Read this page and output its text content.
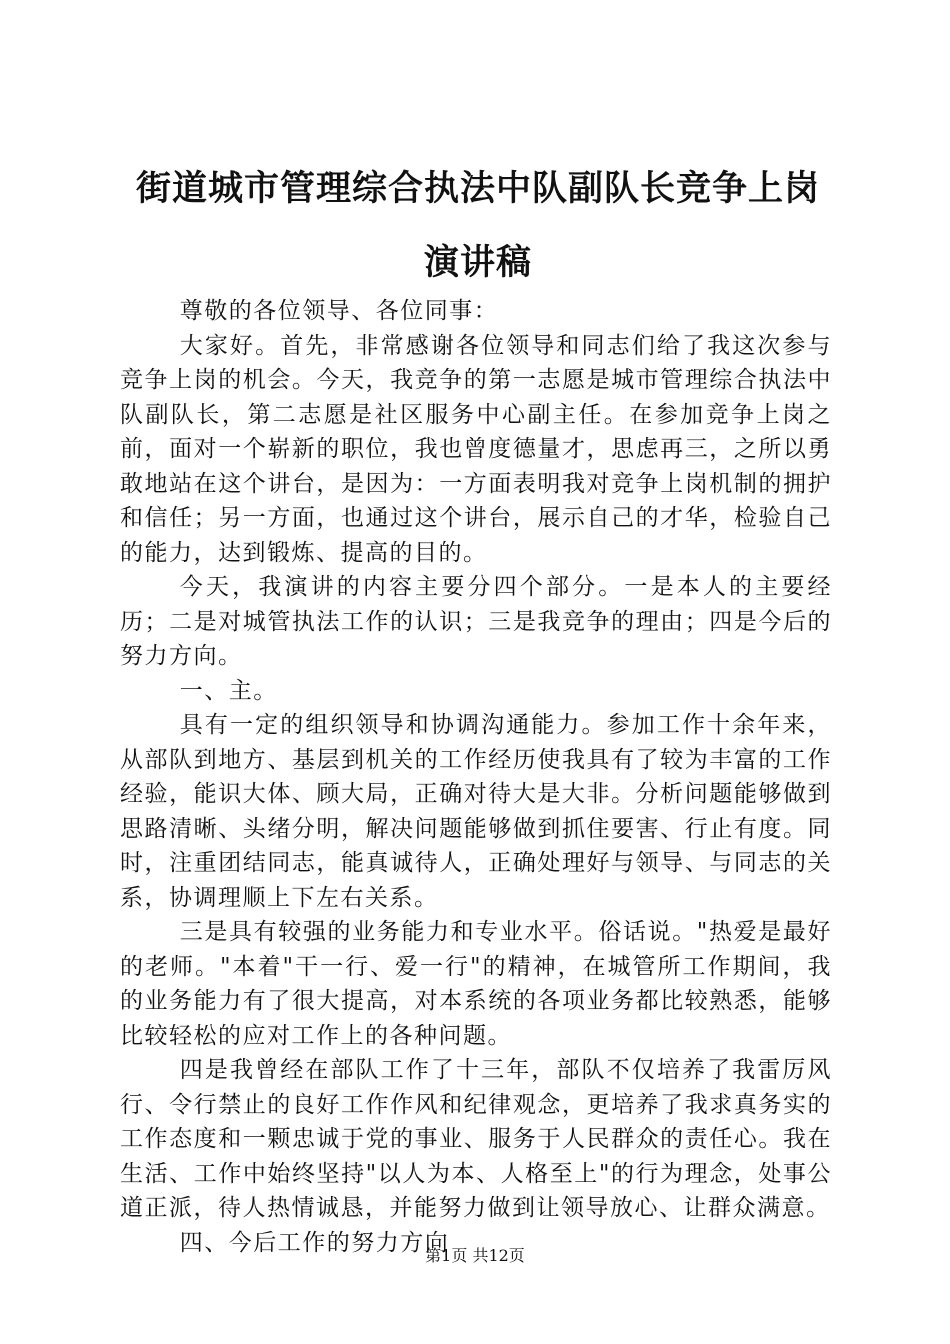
街道城市管理综合执法中队副队长竞争上岗演讲稿

尊敬的各位领导、各位同事：

大家好。首先，非常感谢各位领导和同志们给了我这次参与竞争上岗的机会。今天，我竞争的第一志愿是城市管理综合执法中队副队长，第二志愿是社区服务中心副主任。在参加竞争上岗之前，面对一个崭新的职位，我也曾度德量才，思虑再三，之所以勇敢地站在这个讲台，是因为：一方面表明我对竞争上岗机制的拥护和信任；另一方面，也通过这个讲台，展示自己的才华，检验自己的能力，达到锻炼、提高的目的。

今天，我演讲的内容主要分四个部分。一是本人的主要经历；二是对城管执法工作的认识；三是我竞争的理由；四是今后的努力方向。

一、主。

具有一定的组织领导和协调沟通能力。参加工作十余年来，从部队到地方、基层到机关的工作经历使我具有了较为丰富的工作经验，能识大体、顾大局，正确对待大是大非。分析问题能够做到思路清晰、头绪分明，解决问题能够做到抓住要害、行止有度。同时，注重团结同志，能真诚待人，正确处理好与领导、与同志的关系，协调理顺上下左右关系。

三是具有较强的业务能力和专业水平。俗话说。"热爱是最好的老师。"本着"干一行、爱一行"的精神，在城管所工作期间，我的业务能力有了很大提高，对本系统的各项业务都比较熟悉，能够比较轻松的应对工作上的各种问题。

四是我曾经在部队工作了十三年，部队不仅培养了我雷厉风行、令行禁止的良好工作作风和纪律观念，更培养了我求真务实的工作态度和一颗忠诚于党的事业、服务于人民群众的责任心。我在生活、工作中始终坚持"以人为本、人格至上"的行为理念，处事公道正派，待人热情诚恳，并能努力做到让领导放心、让群众满意。

四、今后工作的努力方向

第1页 共12页
